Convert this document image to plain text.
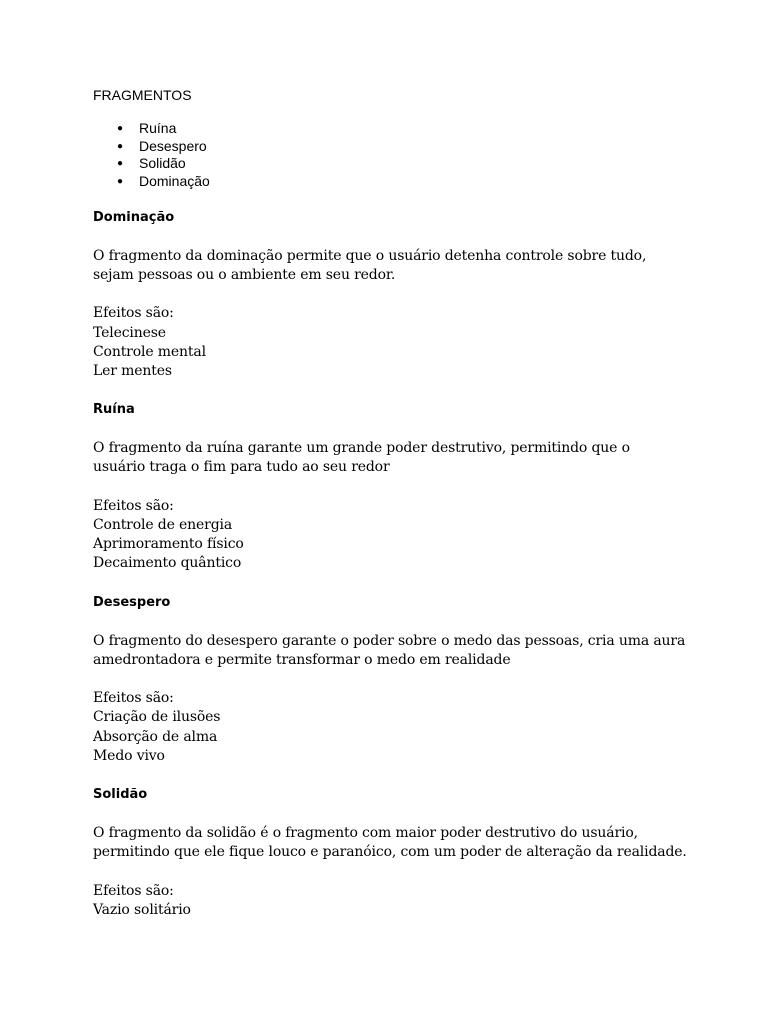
FRAGMENTOS
● Ruína
● Desespero
● Solidão
● Dominação
Dominação
O fragmento da dominação permite que o usuário detenha controle sobre tudo,
sejam pessoas ou o ambiente em seu redor.
Efeitos são:
Telecinese
Controle mental
Ler mentes
Ruína
O fragmento da ruína garante um grande poder destrutivo, permitindo que o
usuário traga o fim para tudo ao seu redor
Efeitos são:
Controle de energia
Aprimoramento físico
Decaimento quântico
Desespero
O fragmento do desespero garante o poder sobre o medo das pessoas, cria uma aura
amedrontadora e permite transformar o medo em realidade
Efeitos são:
Criação de ilusões
Absorção de alma
Medo vivo
Solidão
O fragmento da solidão é o fragmento com maior poder destrutivo do usuário,
permitindo que ele fique louco e paranóico, com um poder de alteração da realidade.
Efeitos são:
Vazio solitário
